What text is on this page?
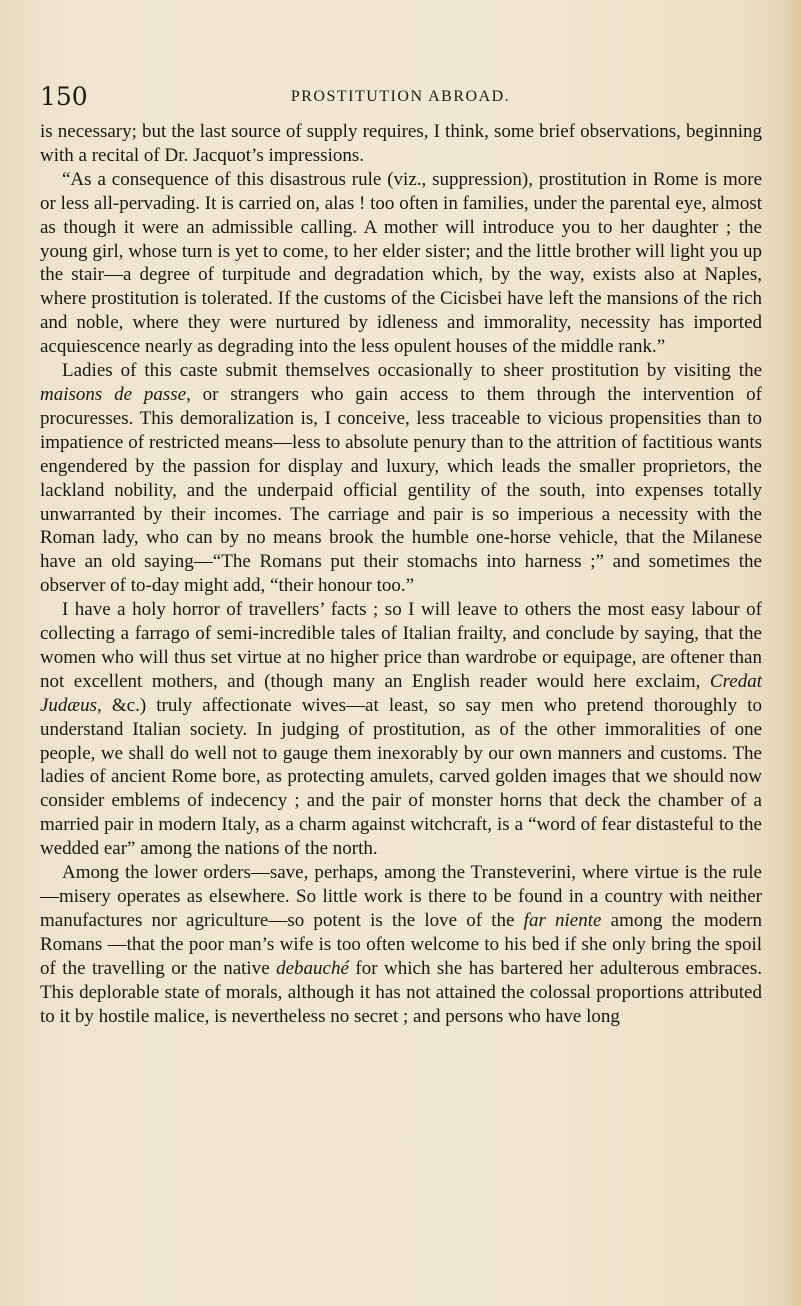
150	PROSTITUTION ABROAD.

is necessary; but the last source of supply requires, I think, some brief observations, beginning with a recital of Dr. Jacquot’s impressions.

“As a consequence of this disastrous rule (viz., suppression), prostitution in Rome is more or less all-pervading. It is carried on, alas ! too often in families, under the parental eye, almost as though it were an admissible calling. A mother will introduce you to her daughter ; the young girl, whose turn is yet to come, to her elder sister; and the little brother will light you up the stair—a degree of turpitude and degradation which, by the way, exists also at Naples, where prostitution is tolerated. If the customs of the Cicisbei have left the mansions of the rich and noble, where they were nurtured by idleness and immorality, necessity has imported acquiescence nearly as degrading into the less opulent houses of the middle rank.”

Ladies of this caste submit themselves occasionally to sheer prostitution by visiting the maisons de passe, or strangers who gain access to them through the intervention of procuresses. This demoralization is, I conceive, less traceable to vicious propensities than to impatience of restricted means—less to absolute penury than to the attrition of factitious wants engendered by the passion for display and luxury, which leads the smaller proprietors, the lackland nobility, and the underpaid official gentility of the south, into expenses totally unwarranted by their incomes. The carriage and pair is so imperious a necessity with the Roman lady, who can by no means brook the humble one-horse vehicle, that the Milanese have an old saying—“The Romans put their stomachs into harness ;” and sometimes the observer of to-day might add, “their honour too.”

I have a holy horror of travellers’ facts ; so I will leave to others the most easy labour of collecting a farrago of semi-incredible tales of Italian frailty, and conclude by saying, that the women who will thus set virtue at no higher price than wardrobe or equipage, are oftener than not excellent mothers, and (though many an English reader would here exclaim, Credat Judæus, &c.) truly affectionate wives—at least, so say men who pretend thoroughly to understand Italian society. In judging of prostitution, as of the other immoralities of one people, we shall do well not to gauge them inexorably by our own manners and customs. The ladies of ancient Rome bore, as protecting amulets, carved golden images that we should now consider emblems of indecency ; and the pair of monster horns that deck the chamber of a married pair in modern Italy, as a charm against witchcraft, is a “word of fear distasteful to the wedded ear” among the nations of the north.

Among the lower orders—save, perhaps, among the Transteverini, where virtue is the rule—misery operates as elsewhere. So little work is there to be found in a country with neither manufactures nor agriculture—so potent is the love of the far niente among the modern Romans —that the poor man’s wife is too often welcome to his bed if she only bring the spoil of the travelling or the native debauché for which she has bartered her adulterous embraces. This deplorable state of morals, although it has not attained the colossal proportions attributed to it by hostile malice, is nevertheless no secret ; and persons who have long
